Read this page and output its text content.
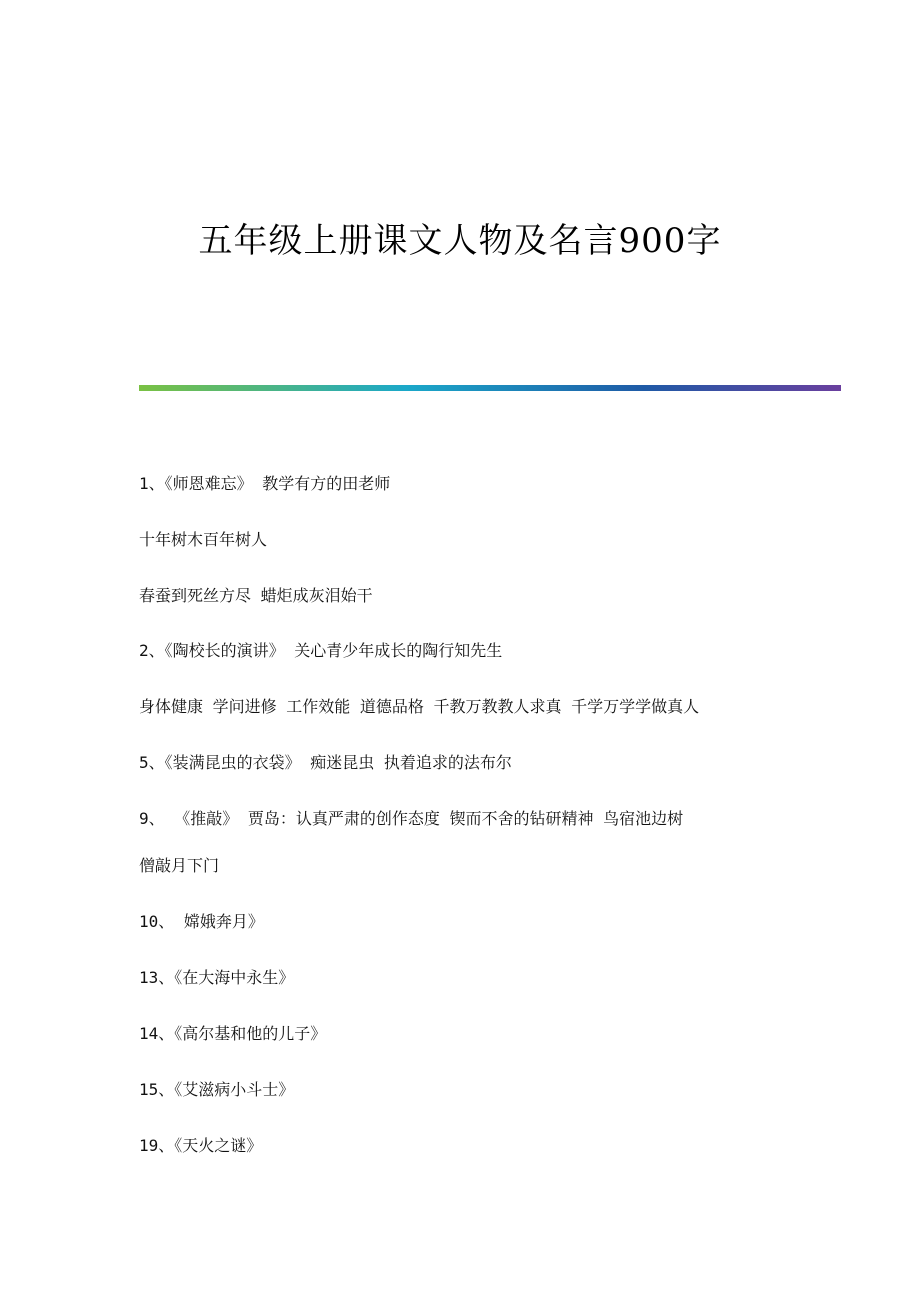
五年级上册课文人物及名言900字
1、《师恩难忘》 教学有方的田老师
十年树木百年树人
春蚕到死丝方尽 蜡炬成灰泪始干
2、《陶校长的演讲》 关心青少年成长的陶行知先生
身体健康 学问进修 工作效能 道德品格 千教万教教人求真 千学万学学做真人
5、《装满昆虫的衣袋》 痴迷昆虫 执着追求的法布尔
9、 《推敲》 贾岛：认真严肃的创作态度 锲而不舍的钻研精神 鸟宿池边树
僧敲月下门
10、 嫦娥奔月》
13、《在大海中永生》
14、《高尔基和他的儿子》
15、《艾滋病小斗士》
19、《天火之谜》
